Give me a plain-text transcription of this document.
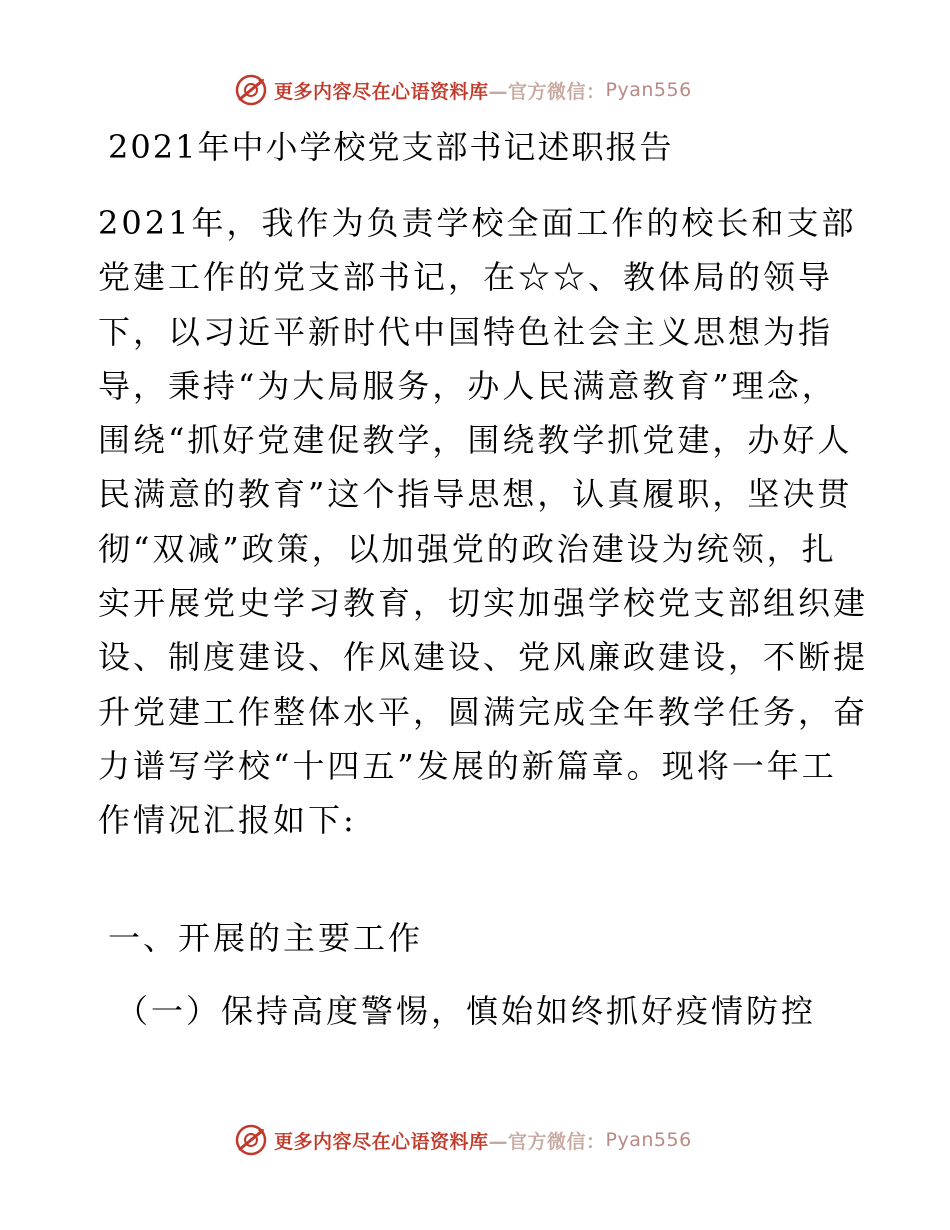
更多内容尽在心语资料库 —官方微信： Pyan556
2021年中小学校党支部书记述职报告

2021年，我作为负责学校全面工作的校长和支部
党建工作的党支部书记，在☆☆、教体局的领导
下，以习近平新时代中国特色社会主义思想为指
导，秉持“为大局服务，办人民满意教育”理念，
围绕“抓好党建促教学，围绕教学抓党建，办好人
民满意的教育”这个指导思想，认真履职，坚决贯
彻“双减”政策，以加强党的政治建设为统领，扎
实开展党史学习教育，切实加强学校党支部组织建
设、制度建设、作风建设、党风廉政建设，不断提
升党建工作整体水平，圆满完成全年教学任务，奋
力谱写学校“十四五”发展的新篇章。现将一年工
作情况汇报如下:

一、开展的主要工作
（一）保持高度警惕，慎始如终抓好疫情防控
更多内容尽在心语资料库 —官方微信： Pyan556
